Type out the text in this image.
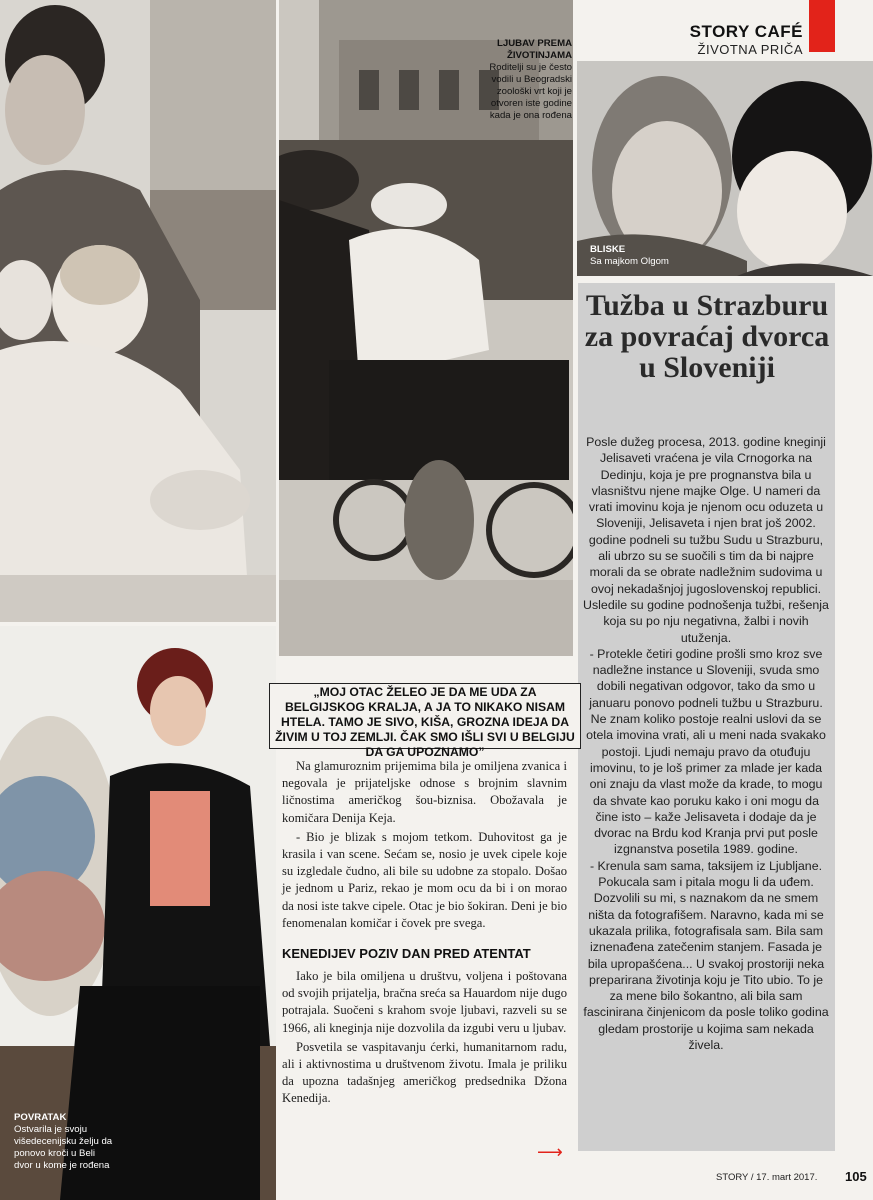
STORY CAFÉ
ŽIVOTNA PRIČA
LJUBAV PREMA ŽIVOTINJAMA
Roditelji su je često vodili u Beogradski zoološki vrt koji je otvoren iste godine kada je ona rođena
BLISKE
Sa majkom Olgom
POVRATAK
Ostvarila je svoju višedecenijsku želju da ponovo kroči u Beli dvor u kome je rođena
Tužba u Strazburu za povraćaj dvorca u Sloveniji

Posle dužeg procesa, 2013. godine kneginji Jelisaveti vraćena je vila Crnogorka na Dedinju, koja je pre prognanstva bila u vlasništvu njene majke Olge. U nameri da vrati imovinu koja je njenom ocu oduzeta u Sloveniji, Jelisaveta i njen brat još 2002. godine podneli su tužbu Sudu u Strazburu, ali ubrzo su se suočili s tim da bi najpre morali da se obrate nadležnim sudovima u ovoj nekadašnjoj jugoslovenskoj republici. Usledile su godine podnošenja tužbi, rešenja koja su po nju negativna, žalbi i novih utuženja.

- Protekle četiri godine prošli smo kroz sve nadležne instance u Sloveniji, svuda smo dobili negativan odgovor, tako da smo u januaru ponovo podneli tužbu u Strazburu. Ne znam koliko postoje realni uslovi da se otela imovina vrati, ali u meni nada svakako postoji. Ljudi nemaju pravo da otuđuju imovinu, to je loš primer za mlade jer kada oni znaju da vlast može da krade, to mogu da shvate kao poruku kako i oni mogu da čine isto – kaže Jelisaveta i dodaje da je dvorac na Brdu kod Kranja prvi put posle izgnanstva posetila 1989. godine.

- Krenula sam sama, taksijem iz Ljubljane. Pokucala sam i pitala mogu li da uđem. Dozvolili su mi, s naznakom da ne smem ništa da fotografišem. Naravno, kada mi se ukazala prilika, fotografisala sam. Bila sam iznenađena zatečenim stanjem. Fasada je bila upropašćena... U svakoj prostoriji neka preparirana životinja koju je Tito ubio. To je za mene bilo šokantno, ali bila sam fascinirana činjenicom da posle toliko godina gledam prostorije u kojima sam nekada živela.

„MOJ OTAC ŽELEO JE DA ME UDA ZA BELGIJSKOG KRALJA, A JA TO NIKAKO NISAM HTELA. TAMO JE SIVO, KIŠA, GROZNA IDEJA DA ŽIVIM U TOJ ZEMLJI. ČAK SMO IŠLI SVI U BELGIJU DA GA UPOZNAMO”

Na glamuroznim prijemima bila je omiljena zvanica i negovala je prijateljske odnose s brojnim slavnim ličnostima američkog šou-biznisa. Obožavala je komičara Denija Keja.

- Bio je blizak s mojom tetkom. Duhovitost ga je krasila i van scene. Sećam se, nosio je uvek cipele koje su izgledale čudno, ali bile su udobne za stopalo. Došao je jednom u Pariz, rekao je mom ocu da bi i on morao da nosi iste takve cipele. Otac je bio šokiran. Deni je bio fenomenalan komičar i čovek pre svega.

KENEDIJEV POZIV DAN PRED ATENTAT

Iako je bila omiljena u društvu, voljena i poštovana od svojih prijatelja, bračna sreća sa Hauardom nije dugo potrajala. Suočeni s krahom svoje ljubavi, razveli su se 1966, ali kneginja nije dozvolila da izgubi veru u ljubav.

Posvetila se vaspitavanju ćerki, humanitarnom radu, ali i aktivnostima u društvenom životu. Imala je priliku da upozna tadašnjeg američkog predsednika Džona Kenedija.

⟶
STORY / 17. mart 2017. 105
